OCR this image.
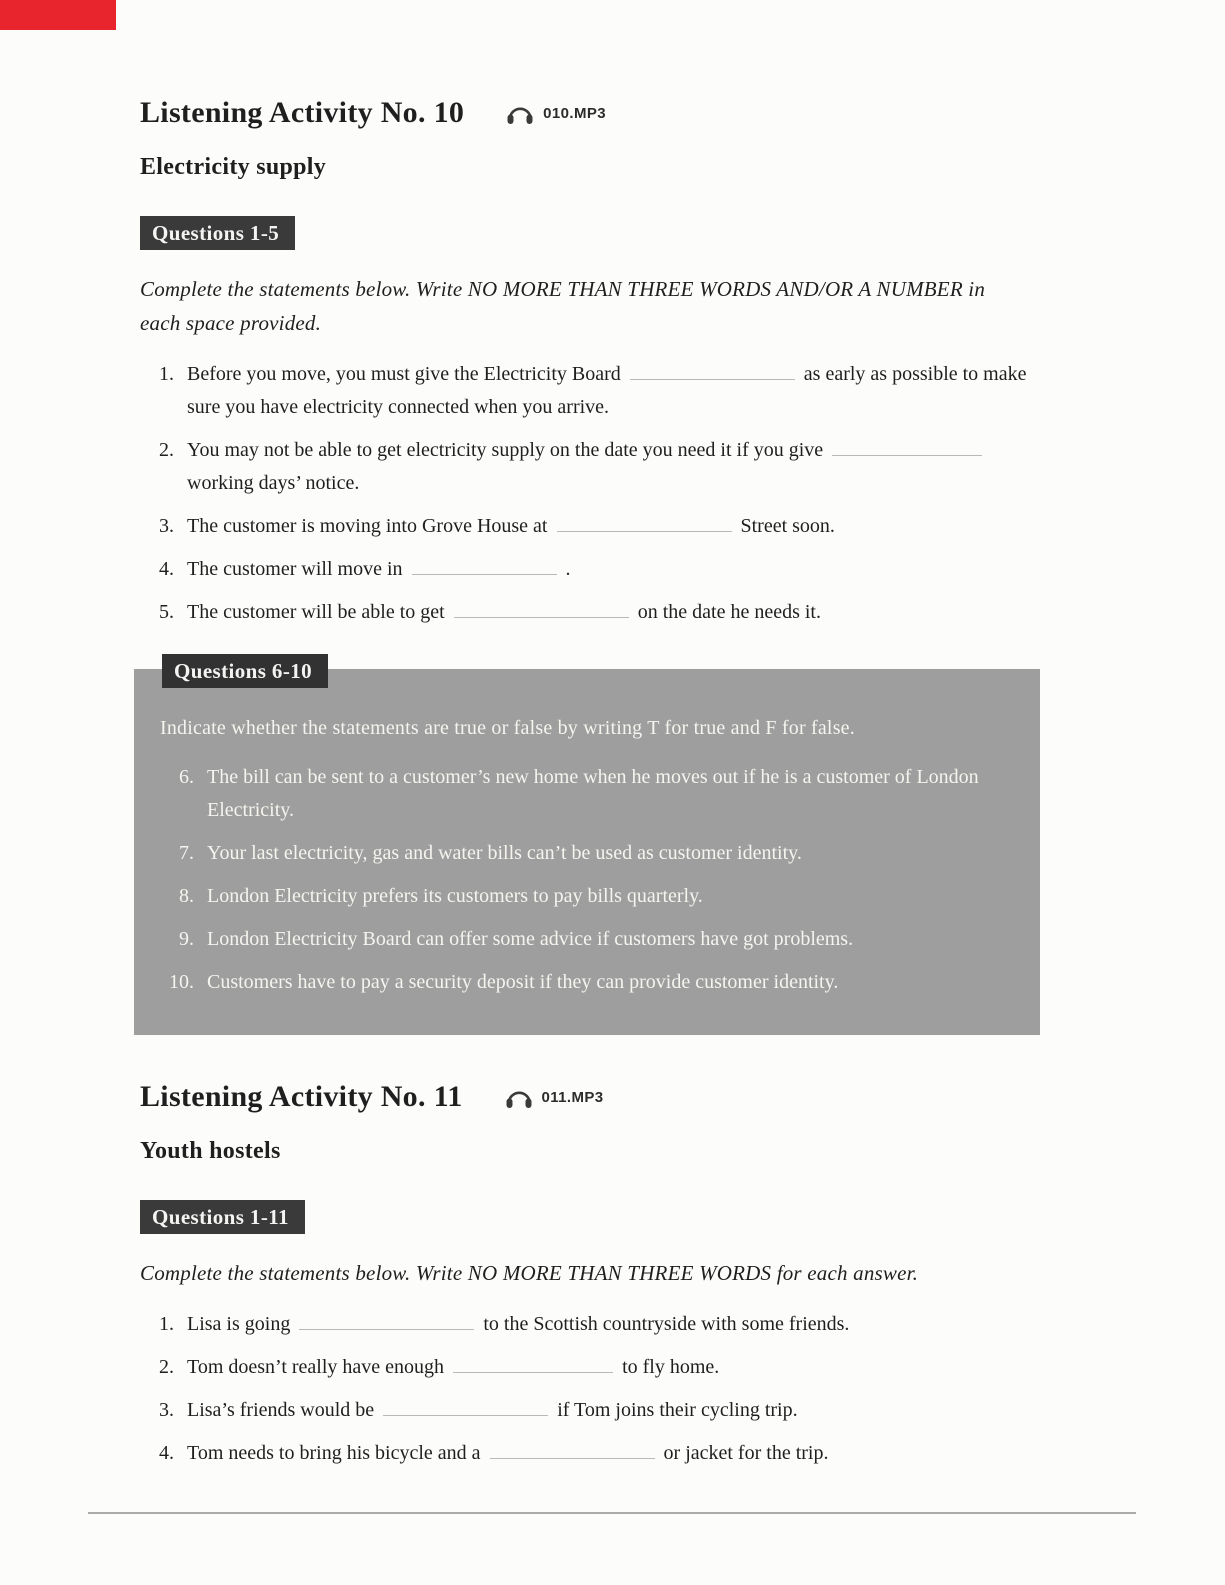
Listening Activity No. 10	010.MP3
Electricity supply
Questions 1-5

Complete the statements below. Write NO MORE THAN THREE WORDS AND/OR A NUMBER in each space provided.

1. Before you move, you must give the Electricity Board	as early as possible to make sure you have electricity connected when you arrive.
2. You may not be able to get electricity supply on the date you need it if you give  working days’ notice.
3. The customer is moving into Grove House at	Street soon.
4. The customer will move in	.
5. The customer will be able to get	on the date he needs it.
Questions 6-10

Indicate whether the statements are true or false by writing T for true and F for false.

6. The bill can be sent to a customer’s new home when he moves out if he is a customer of London Electricity.
7. Your last electricity, gas and water bills can’t be used as customer identity.
8. London Electricity prefers its customers to pay bills quarterly.
9. London Electricity Board can offer some advice if customers have got problems.
10. Customers have to pay a security deposit if they can provide customer identity.
Listening Activity No. 11	011.MP3
Youth hostels
Questions 1-11

Complete the statements below. Write NO MORE THAN THREE WORDS for each answer.

1. Lisa is going	to the Scottish countryside with some friends.
2. Tom doesn’t really have enough	to fly home.
3. Lisa’s friends would be	if Tom joins their cycling trip.
4. Tom needs to bring his bicycle and a	or jacket for the trip.
